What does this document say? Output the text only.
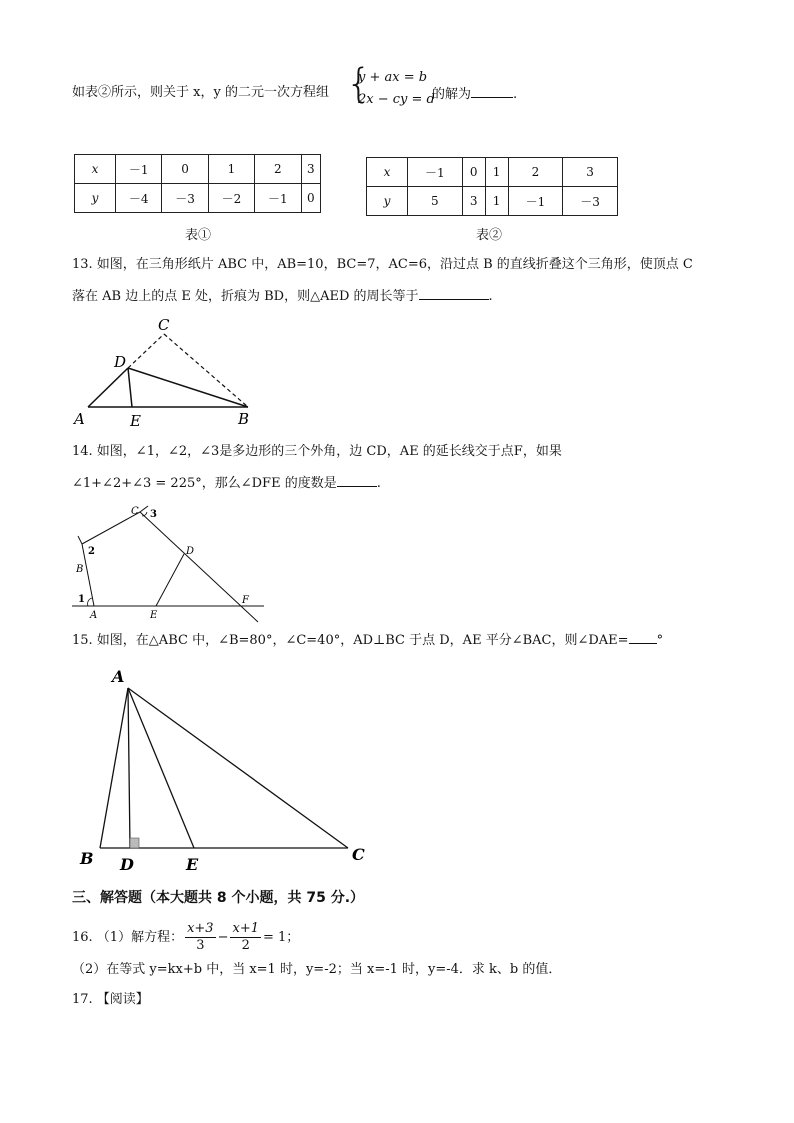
如表②所示，则关于 x，y 的二元一次方程组 {
y + ax = b
2x − cy = d
的解为	.
x	－1	0	1	2	3
y	－4	－3	－2	－1	0
表①
x	－1	0	1	2	3
y	5	3	1	－1	－3
表②
13. 如图，在三角形纸片 ABC 中，AB=10，BC=7，AC=6，沿过点 B 的直线折叠这个三角形，使顶点 C
落在 AB 边上的点 E 处，折痕为 BD，则△AED 的周长等于	.
C
D
A	E	B
14. 如图，∠1，∠2，∠3是多边形的三个外角，边 CD，AE 的延长线交于点F，如果
∠1+∠2+∠3 = 225°，那么∠DFE 的度数是	.
C 3
2
B
D
1
A	E
F
15. 如图，在△ABC 中，∠B=80°，∠C=40°，AD⊥BC 于点 D，AE 平分∠BAC，则∠DAE= °
A
B D	E
C
三、解答题（本大题共 8 个小题，共 75 分.）
16. （1）解方程： $\frac{x+3}{3} - \frac{x+1}{2} = 1$；
（2）在等式 y=kx+b 中，当 x=1 时，y=-2；当 x=-1 时，y=-4．求 k、b 的值．
17. 【阅读】
